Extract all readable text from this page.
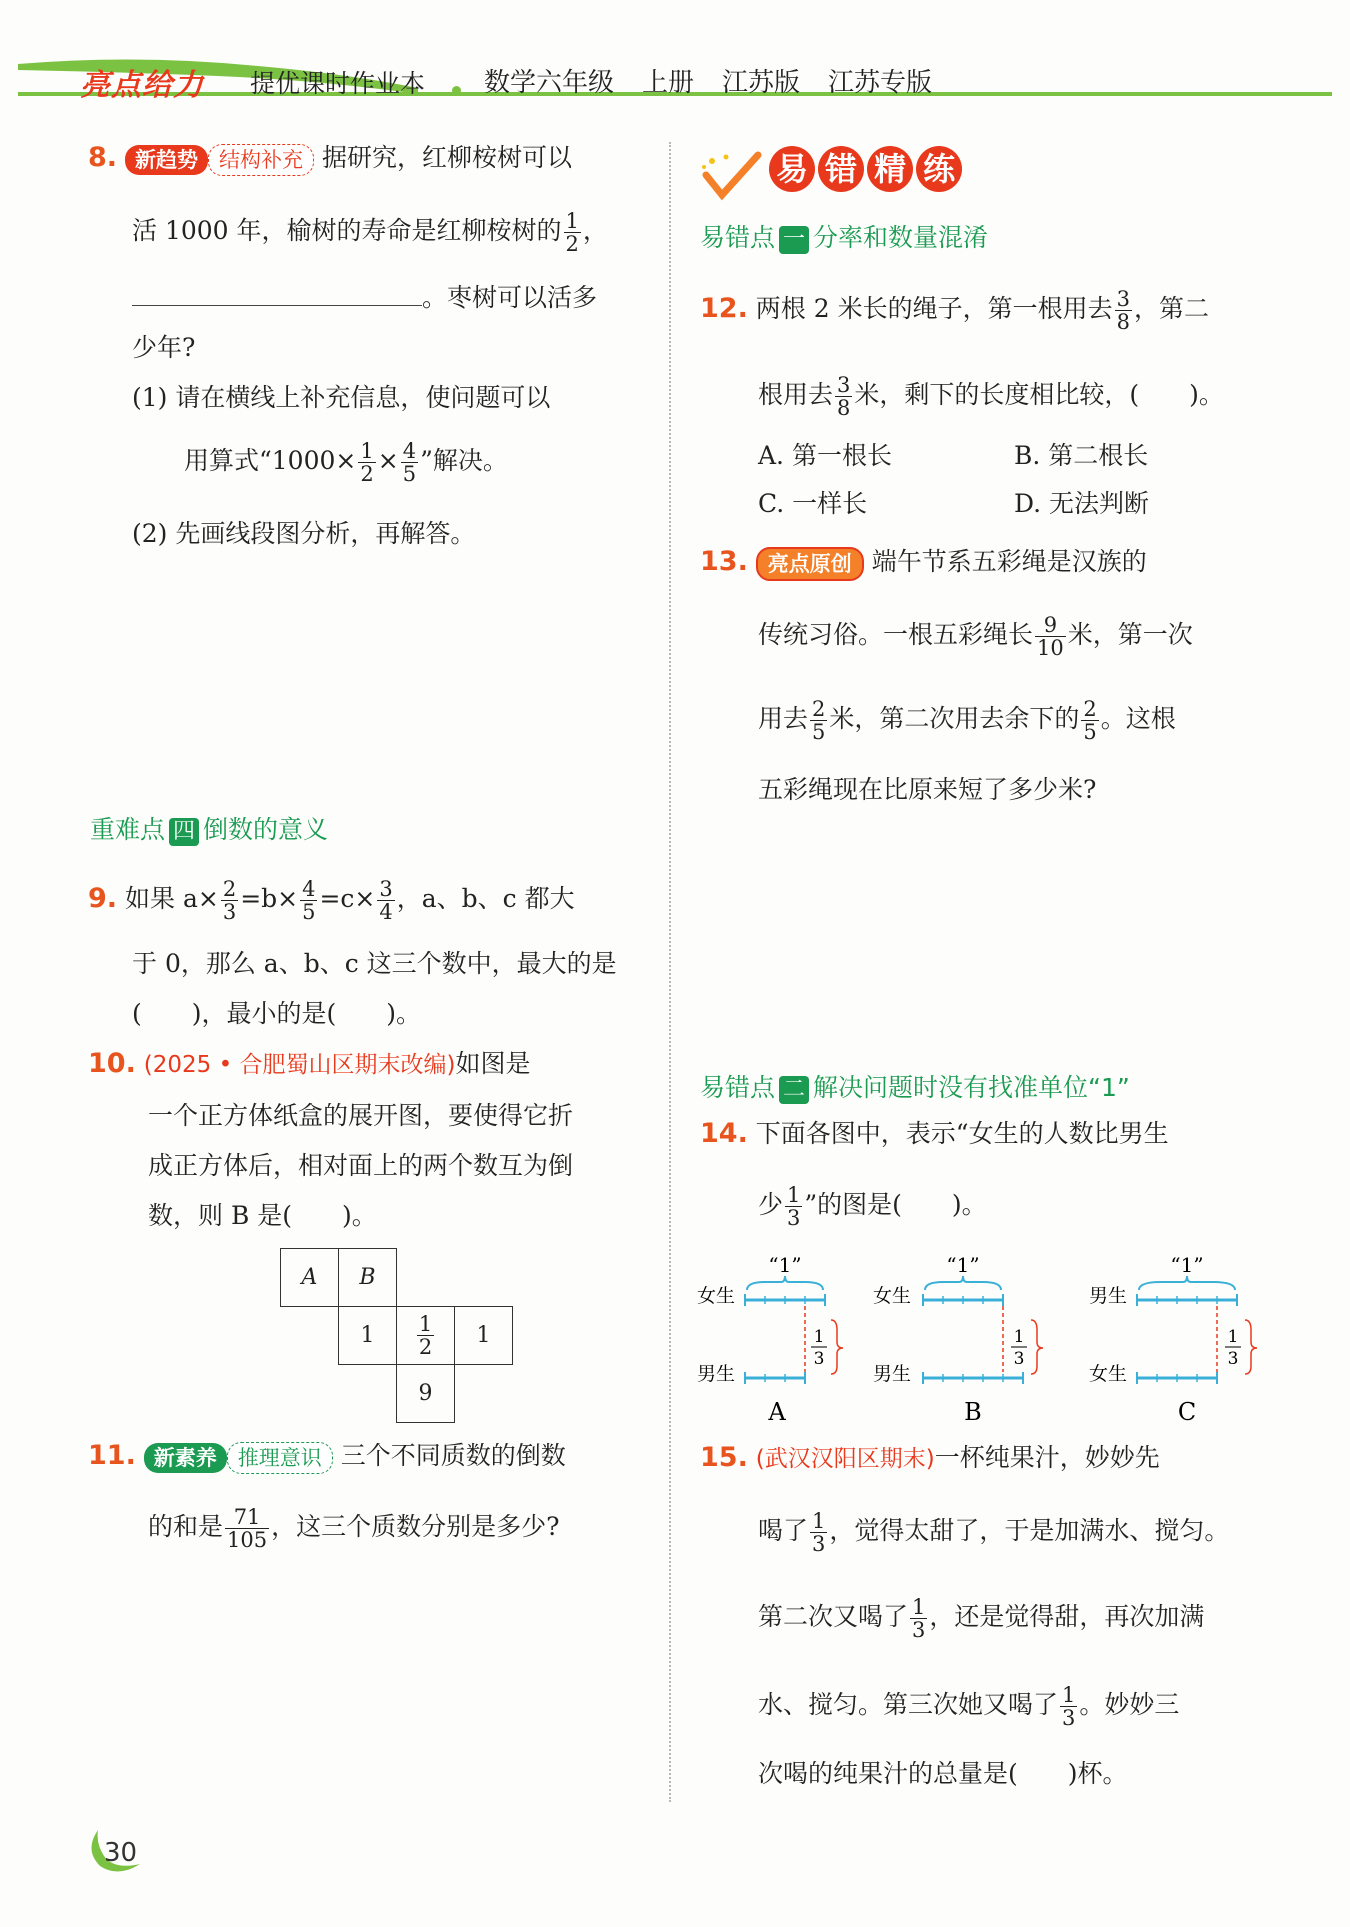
亮点给力 提优课时作业本 数学六年级 上册 江苏版 江苏专版
8. 新趋势 结构补充 据研究，红柳桉树可以
活 1000 年，榆树的寿命是红柳桉树的 $\frac{1}{2}$ ，
。枣树可以活多
少年?
(1) 请在横线上补充信息，使问题可以
用算式“$1000\times \frac{1}{2} \times \frac{4}{5}$ ”解决。
(2) 先画线段图分析，再解答。
重难点 四 倒数的意义
9. 如果 $a\times \frac{2}{3} =b\times \frac{4}{5} =c\times \frac{3}{4}$ ，a、b、c 都大
于 0，那么 a、b、c 这三个数中，最大的是
(　　)，最小的是(　　)。
10. (2025 • 合肥蜀山区期末改编)如图是
一个正方体纸盒的展开图，要使得它折
成正方体后，相对面上的两个数互为倒
数，则 B 是(　　)。
A	B		
	1	$\frac{1}{2}$	1
		9	
11. 新素养 推理意识 三个不同质数的倒数
的和是 $\frac{71}{105}$ ，这三个质数分别是多少?
易 错 精 练
易错点 一 分率和数量混淆
12. 两根 2 米长的绳子，第一根用去 $\frac{3}{8}$ ，第二
根用去 $\frac{3}{8}$ 米，剩下的长度相比较，(　　)。
A. 第一根长	B. 第二根长
C. 一样长	D. 无法判断
13. 亮点原创 端午节系五彩绳是汉族的
传统习俗。一根五彩绳长 $\frac{9}{10}$ 米，第一次
用去 $\frac{2}{5}$ 米，第二次用去余下的 $\frac{2}{5}$ 。这根
五彩绳现在比原来短了多少米?
易错点 二 解决问题时没有找准单位“1”
14. 下面各图中，表示“女生的人数比男生
少 $\frac{1}{3}$ ”的图是(　　)。
“1”
女生
1
3
男生
A
“1”
女生
1
3
男生
B
“1”
男生
1
3
女生
C
15. (武汉汉阳区期末)一杯纯果汁，妙妙先
喝了 $\frac{1}{3}$ ，觉得太甜了，于是加满水、搅匀。
第二次又喝了 $\frac{1}{3}$ ，还是觉得甜，再次加满
水、搅匀。第三次她又喝了 $\frac{1}{3}$ 。妙妙三
次喝的纯果汁的总量是(　　)杯。
30
